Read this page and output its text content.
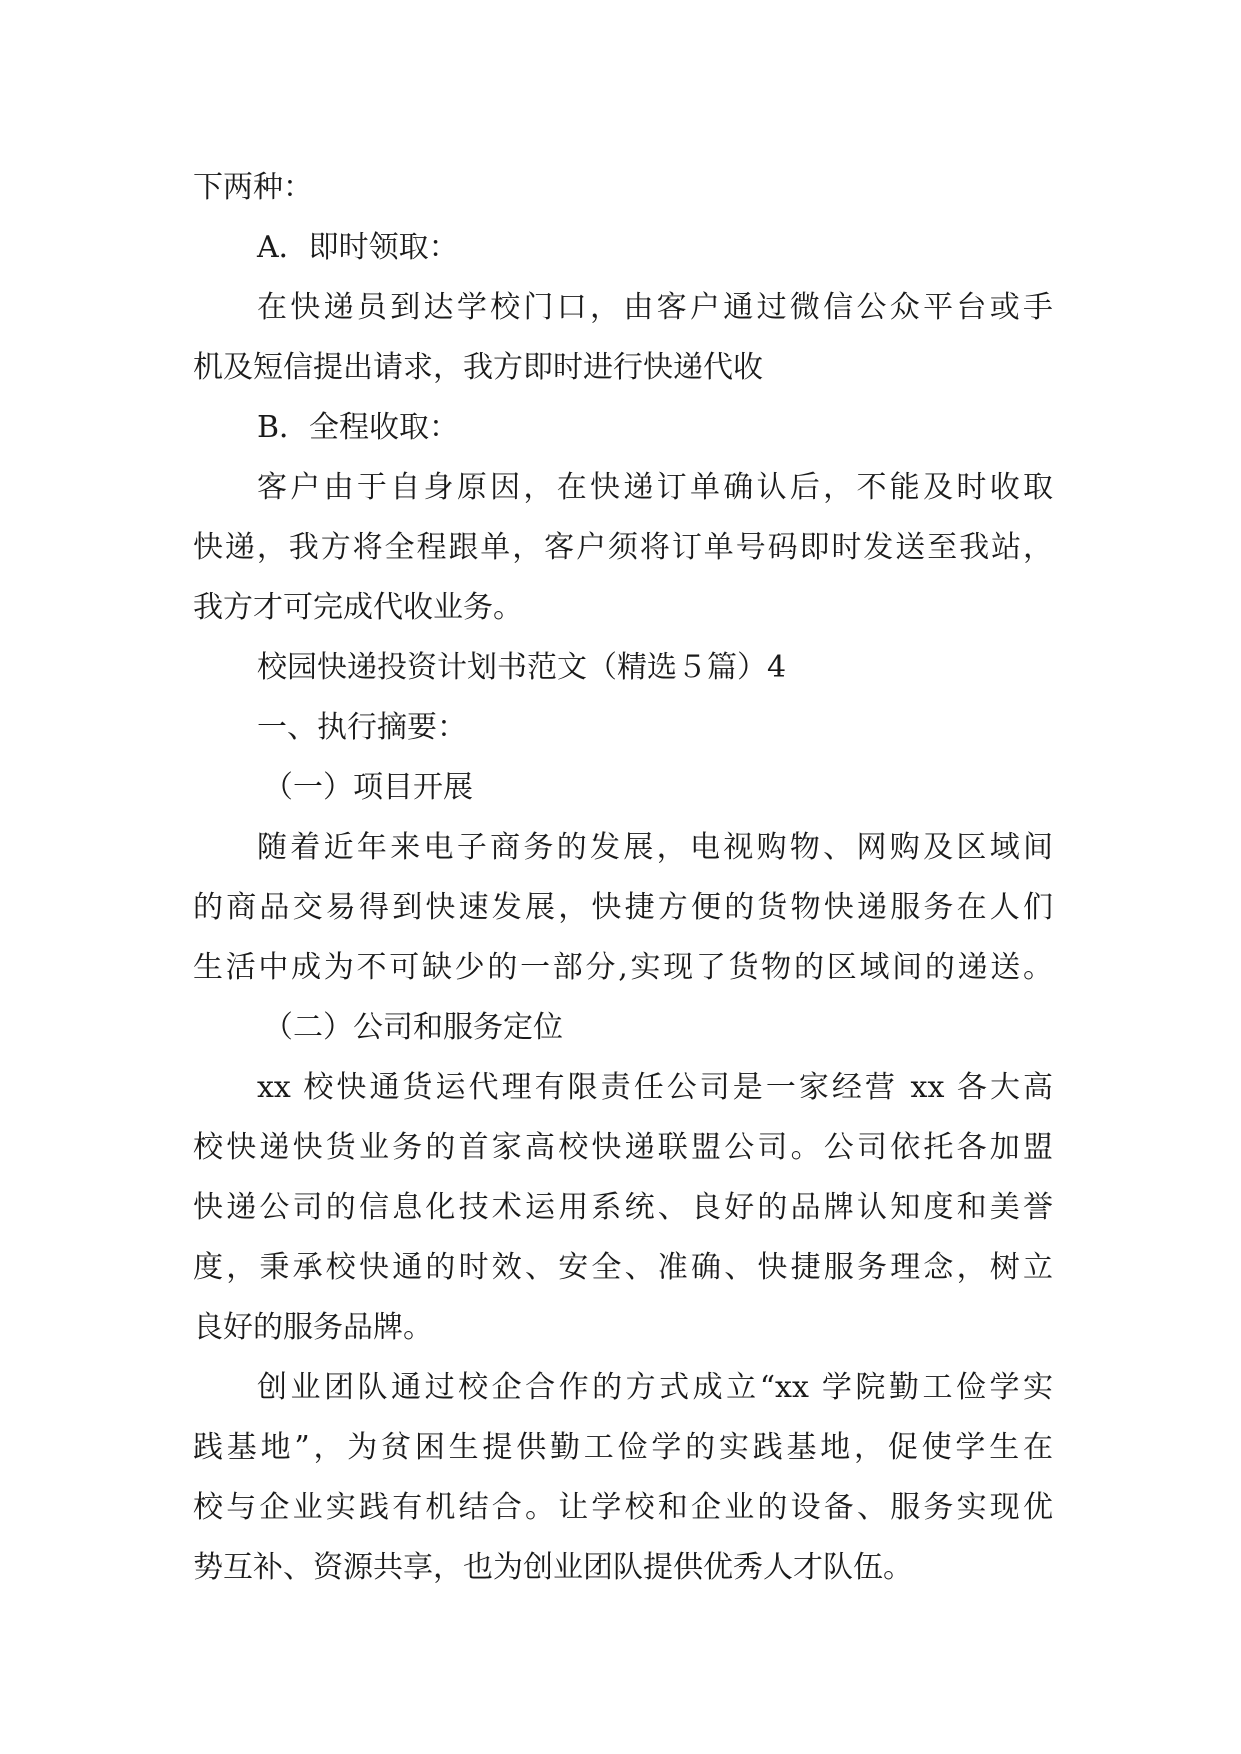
下两种：
A．即时领取：
在快递员到达学校门口，由客户通过微信公众平台或手
机及短信提出请求，我方即时进行快递代收
B．全程收取：
客户由于自身原因，在快递订单确认后，不能及时收取
快递，我方将全程跟单，客户须将订单号码即时发送至我站，
我方才可完成代收业务。
校园快递投资计划书范文（精选５篇）4
一、执行摘要：
（一）项目开展
随着近年来电子商务的发展，电视购物、网购及区域间
的商品交易得到快速发展，快捷方便的货物快递服务在人们
生活中成为不可缺少的一部分,实现了货物的区域间的递送。
（二）公司和服务定位
xx 校快通货运代理有限责任公司是一家经营 xx 各大高
校快递快货业务的首家高校快递联盟公司。公司依托各加盟
快递公司的信息化技术运用系统、良好的品牌认知度和美誉
度，秉承校快通的时效、安全、准确、快捷服务理念，树立
良好的服务品牌。
创业团队通过校企合作的方式成立“xx 学院勤工俭学实
践基地”，为贫困生提供勤工俭学的实践基地，促使学生在
校与企业实践有机结合。让学校和企业的设备、服务实现优
势互补、资源共享，也为创业团队提供优秀人才队伍。
